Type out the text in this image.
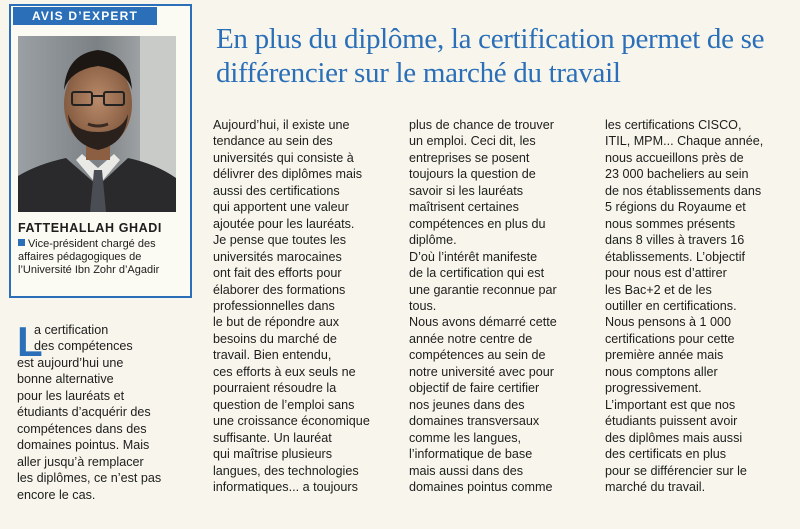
AVIS D’EXPERT
FATTEHALLAH GHADI
Vice-président chargé des affaires pédagogiques de l’Université Ibn Zohr d’Agadir
En plus du diplôme, la certification permet de se différencier sur le marché du travail
L
a certification
des compétences
est aujourd’hui une
bonne alternative
pour les lauréats et
étudiants d’acquérir des
compétences dans des
domaines pointus. Mais
aller jusqu’à remplacer
les diplômes, ce n’est pas
encore le cas.
Aujourd’hui, il existe une
tendance au sein des
universités qui consiste à
délivrer des diplômes mais
aussi des certifications
qui apportent une valeur
ajoutée pour les lauréats.
Je pense que toutes les
universités marocaines
ont fait des efforts pour
élaborer des formations
professionnelles dans
le but de répondre aux
besoins du marché de
travail. Bien entendu,
ces efforts à eux seuls ne
pourraient résoudre la
question de l’emploi sans
une croissance économique
suffisante. Un lauréat
qui maîtrise plusieurs
langues, des technologies
informatiques... a toujours
plus de chance de trouver
un emploi. Ceci dit, les
entreprises se posent
toujours la question de
savoir si les lauréats
maîtrisent certaines
compétences en plus du
diplôme.
D’où l’intérêt manifeste
de la certification qui est
une garantie reconnue par
tous.
Nous avons démarré cette
année notre centre de
compétences au sein de
notre université avec pour
objectif de faire certifier
nos jeunes dans des
domaines transversaux
comme les langues,
l’informatique de base
mais aussi dans des
domaines pointus comme
les certifications CISCO,
ITIL, MPM... Chaque année,
nous accueillons près de
23 000 bacheliers au sein
de nos établissements dans
5 régions du Royaume et
nous sommes présents
dans 8 villes à travers 16
établissements. L’objectif
pour nous est d’attirer
les Bac+2 et de les
outiller en certifications.
Nous pensons à 1 000
certifications pour cette
première année mais
nous comptons aller
progressivement.
L’important est que nos
étudiants puissent avoir
des diplômes mais aussi
des certificats en plus
pour se différencier sur le
marché du travail.
